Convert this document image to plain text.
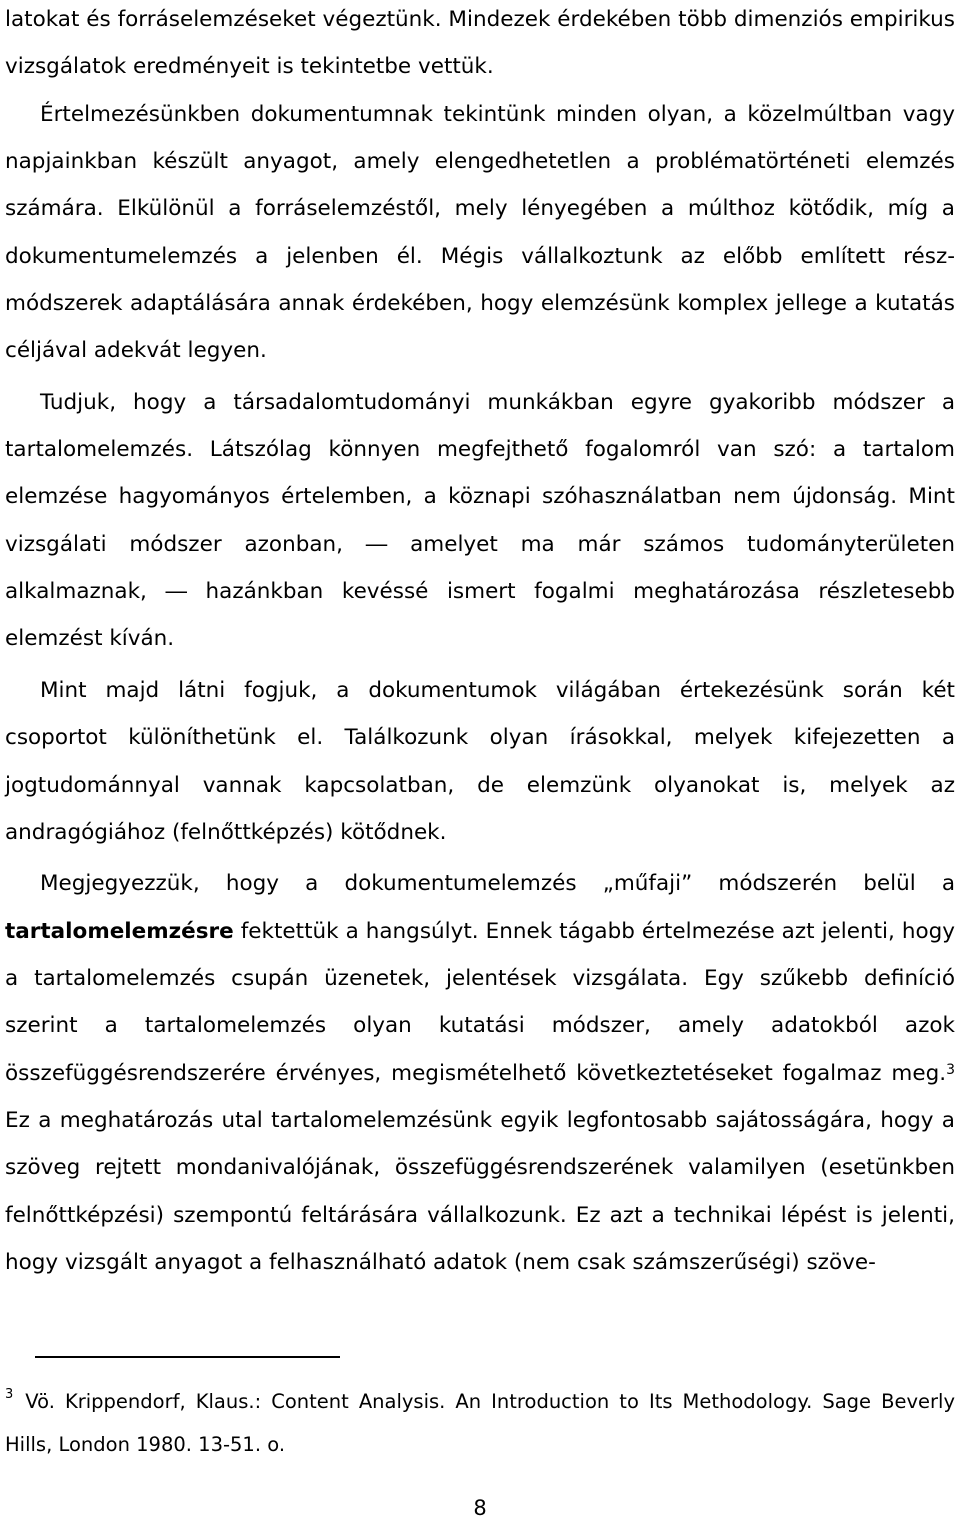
latokat és forráselemzéseket végeztünk. Mindezek érdekében több dimenziós empirikus vizsgálatok eredményeit is tekintetbe vettük.

Értelmezésünkben dokumentumnak tekintünk minden olyan, a közelmúltban vagy napjainkban készült anyagot, amely elengedhetetlen a problématörténeti elemzés számára. Elkülönül a forráselemzéstől, mely lényegében a múlthoz kötődik, míg a dokumentumelemzés a jelenben él. Mégis vállalkoztunk az előbb említett rész-módszerek adaptálására annak érdekében, hogy elemzésünk komplex jellege a kutatás céljával adekvát legyen.

Tudjuk, hogy a társadalomtudományi munkákban egyre gyakoribb módszer a tartalomelemzés. Látszólag könnyen megfejthető fogalomról van szó: a tartalom elemzése hagyományos értelemben, a köznapi szóhasználatban nem újdonság. Mint vizsgálati módszer azonban, ― amelyet ma már számos tudományterületen alkalmaznak, ― hazánkban kevéssé ismert fogalmi meghatározása részletesebb elemzést kíván.

Mint majd látni fogjuk, a dokumentumok világában értekezésünk során két csoportot különíthetünk el. Találkozunk olyan írásokkal, melyek kifejezetten a jogtudománnyal vannak kapcsolatban, de elemzünk olyanokat is, melyek az andragógiához (felnőttképzés) kötődnek.

Megjegyezzük, hogy a dokumentumelemzés „műfaji” módszerén belül a tartalomelemzésre fektettük a hangsúlyt. Ennek tágabb értelmezése azt jelenti, hogy a tartalomelemzés csupán üzenetek, jelentések vizsgálata. Egy szűkebb definíció szerint a tartalomelemzés olyan kutatási módszer, amely adatokból azok összefüggésrendszerére érvényes, megismételhető következtetéseket fogalmaz meg.$^3$ Ez a meghatározás utal tartalomelemzésünk egyik legfontosabb sajátosságára, hogy a szöveg rejtett mondanivalójának, összefüggésrendszerének valamilyen (esetünkben felnőttképzési) szempontú feltárására vállalkozunk. Ez azt a technikai lépést is jelenti, hogy vizsgált anyagot a felhasználható adatok (nem csak számszerűségi) szöve-

$^3$ Vö. Krippendorf, Klaus.: Content Analysis. An Introduction to Its Methodology. Sage Beverly Hills, London 1980. 13-51. o.
8
